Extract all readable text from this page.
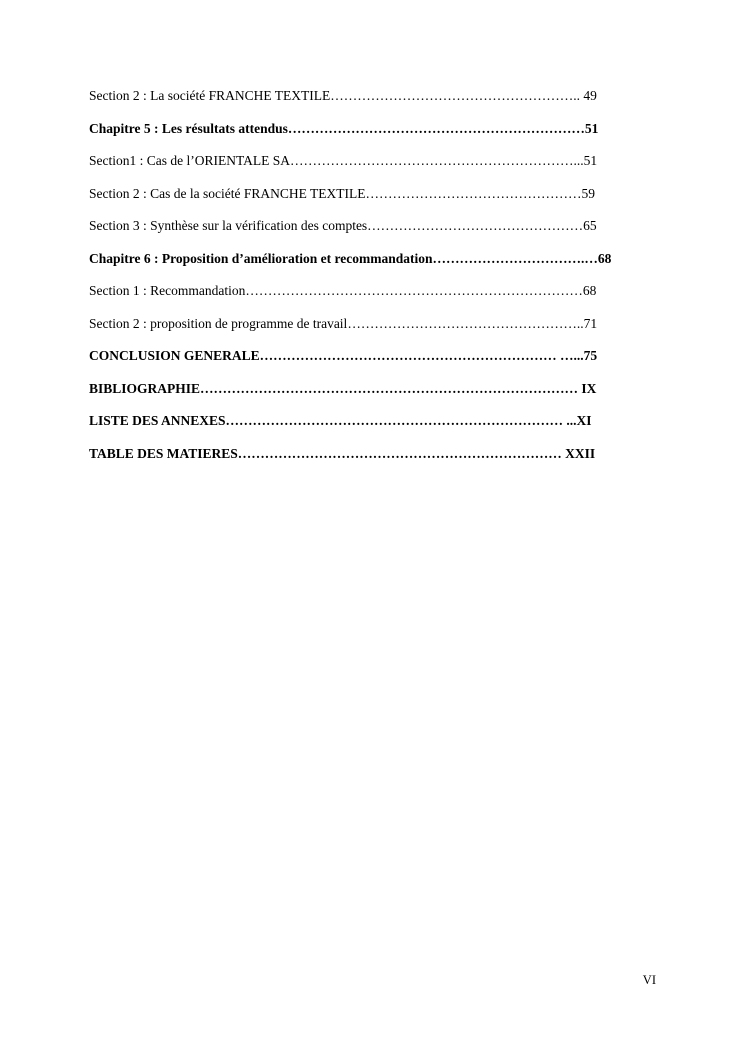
Section 2 : La société FRANCHE TEXTILE……………………………………………….. 49
Chapitre 5 : Les résultats attendus…………………………………………………………51
Section1 : Cas de l’ORIENTALE SA………………………………………………………...51
Section 2 : Cas de la société FRANCHE TEXTILE…………………………………………59
Section 3 : Synthèse sur la vérification des comptes…………………………………………65
Chapitre 6 : Proposition d’amélioration et recommandation…………………………….…68
Section 1 : Recommandation…………………………………………………………………68
Section 2 : proposition de programme de travail……………………………………………..71
CONCLUSION GENERALE………………………………………………………… …...75
BIBLIOGRAPHIE………………………………………………………………………… IX
LISTE DES ANNEXES………………………………………………………………… ...XI
TABLE DES MATIERES……………………………………………………………… XXII
VI
